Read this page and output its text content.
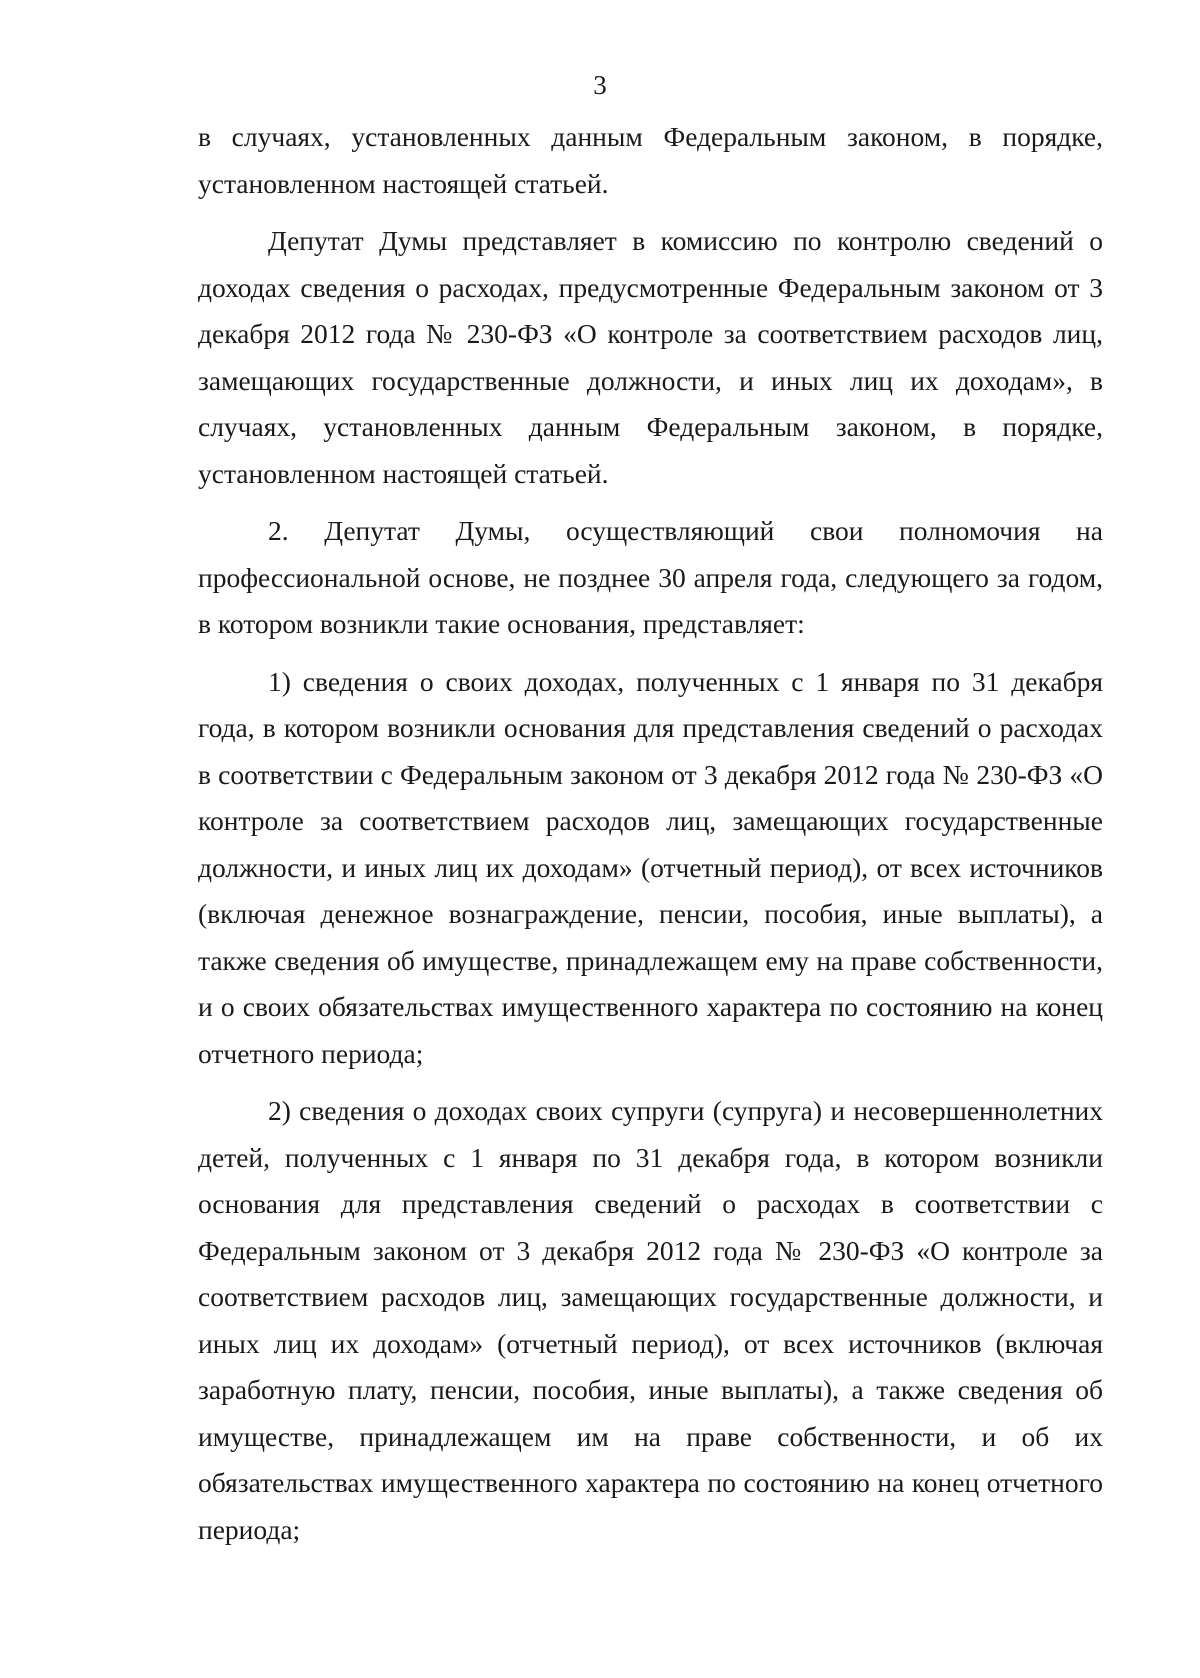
3

в случаях, установленных данным Федеральным законом, в порядке, установленном настоящей статьей.

Депутат Думы представляет в комиссию по контролю сведений о доходах сведения о расходах, предусмотренные Федеральным законом от 3 декабря 2012 года № 230-ФЗ «О контроле за соответствием расходов лиц, замещающих государственные должности, и иных лиц их доходам», в случаях, установленных данным Федеральным законом, в порядке, установленном настоящей статьей.

2. Депутат Думы, осуществляющий свои полномочия на профессиональной основе, не позднее 30 апреля года, следующего за годом, в котором возникли такие основания, представляет:

1) сведения о своих доходах, полученных с 1 января по 31 декабря года, в котором возникли основания для представления сведений о расходах в соответствии с Федеральным законом от 3 декабря 2012 года № 230-ФЗ «О контроле за соответствием расходов лиц, замещающих государственные должности, и иных лиц их доходам» (отчетный период), от всех источников (включая денежное вознаграждение, пенсии, пособия, иные выплаты), а также сведения об имуществе, принадлежащем ему на праве собственности, и о своих обязательствах имущественного характера по состоянию на конец отчетного периода;

2) сведения о доходах своих супруги (супруга) и несовершеннолетних детей, полученных с 1 января по 31 декабря года, в котором возникли основания для представления сведений о расходах в соответствии с Федеральным законом от 3 декабря 2012 года № 230-ФЗ «О контроле за соответствием расходов лиц, замещающих государственные должности, и иных лиц их доходам» (отчетный период), от всех источников (включая заработную плату, пенсии, пособия, иные выплаты), а также сведения об имуществе, принадлежащем им на праве собственности, и об их обязательствах имущественного характера по состоянию на конец отчетного периода;
